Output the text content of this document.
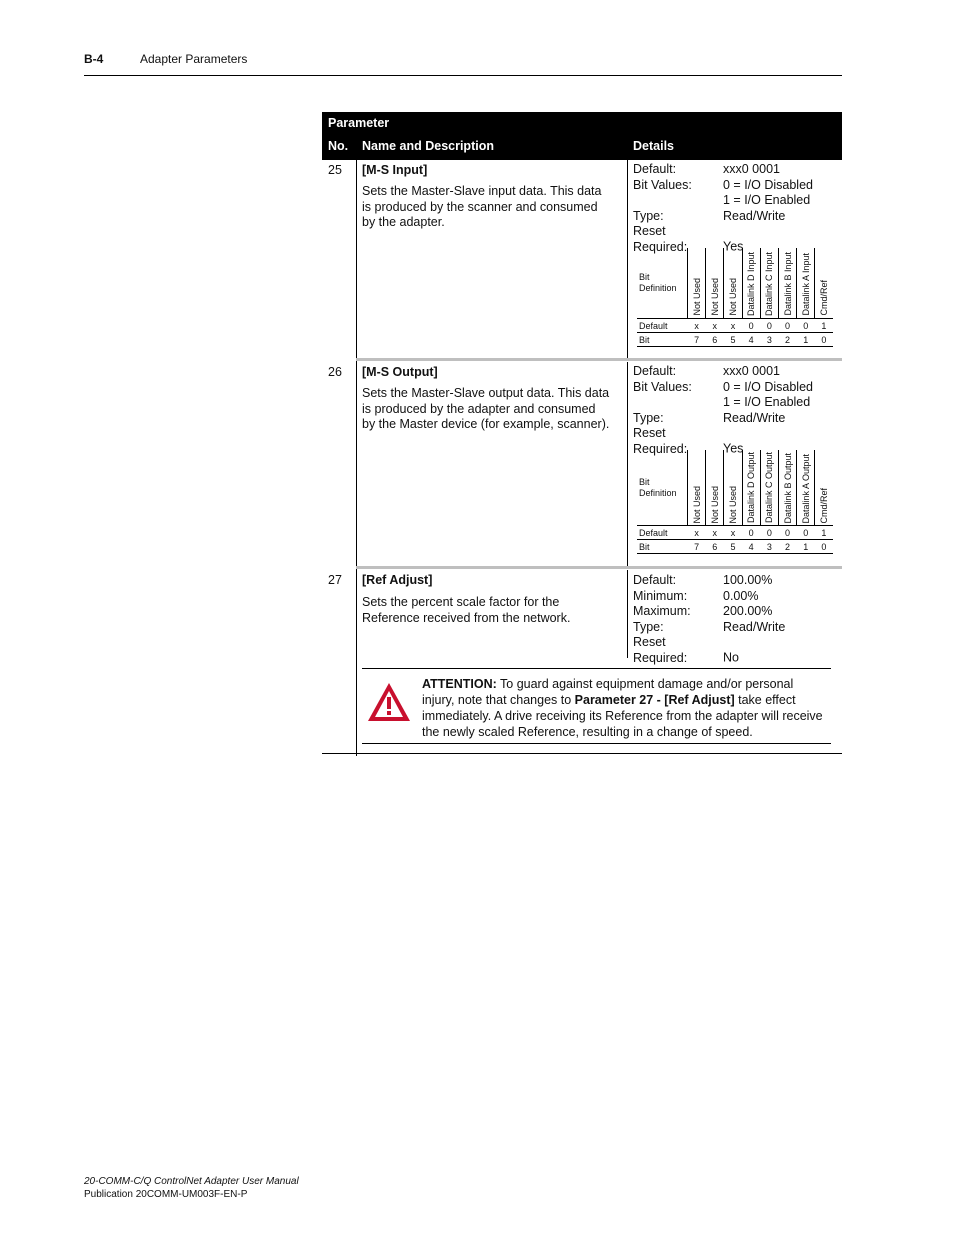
B-4	Adapter Parameters
Parameter
No. Name and Description	Details
25 [M-S Input]
Sets the Master-Slave input data. This data is produced by the scanner and consumed by the adapter.
Default:	xxx0 0001
Bit Values: 0 = I/O Disabled
1 = I/O Enabled
Type:	Read/Write
Reset Required:	Yes
Bit Definition	Not Used	Not Used	Not Used	Datalink D Input	Datalink C Input	Datalink B Input	Datalink A Input	Cmd/Ref
Default	x	x	x	0	0	0	0	1
Bit	7	6	5	4	3	2	1	0
26 [M-S Output]
Sets the Master-Slave output data. This data is produced by the adapter and consumed by the Master device (for example, scanner).
Default:	xxx0 0001
Bit Values: 0 = I/O Disabled
1 = I/O Enabled
Type:	Read/Write
Reset Required:	Yes
Bit Definition	Not Used	Not Used	Not Used	Datalink D Output	Datalink C Output	Datalink B Output	Datalink A Output	Cmd/Ref
Default	x	x	x	0	0	0	0	1
Bit	7	6	5	4	3	2	1	0
27 [Ref Adjust]
Sets the percent scale factor for the Reference received from the network.
Default:	100.00%
Minimum:	0.00%
Maximum:	200.00%
Type:	Read/Write
Reset Required:	No
ATTENTION: To guard against equipment damage and/or personal injury, note that changes to Parameter 27 - [Ref Adjust] take effect immediately. A drive receiving its Reference from the adapter will receive the newly scaled Reference, resulting in a change of speed.
20-COMM-C/Q ControlNet Adapter User Manual
Publication 20COMM-UM003F-EN-P
